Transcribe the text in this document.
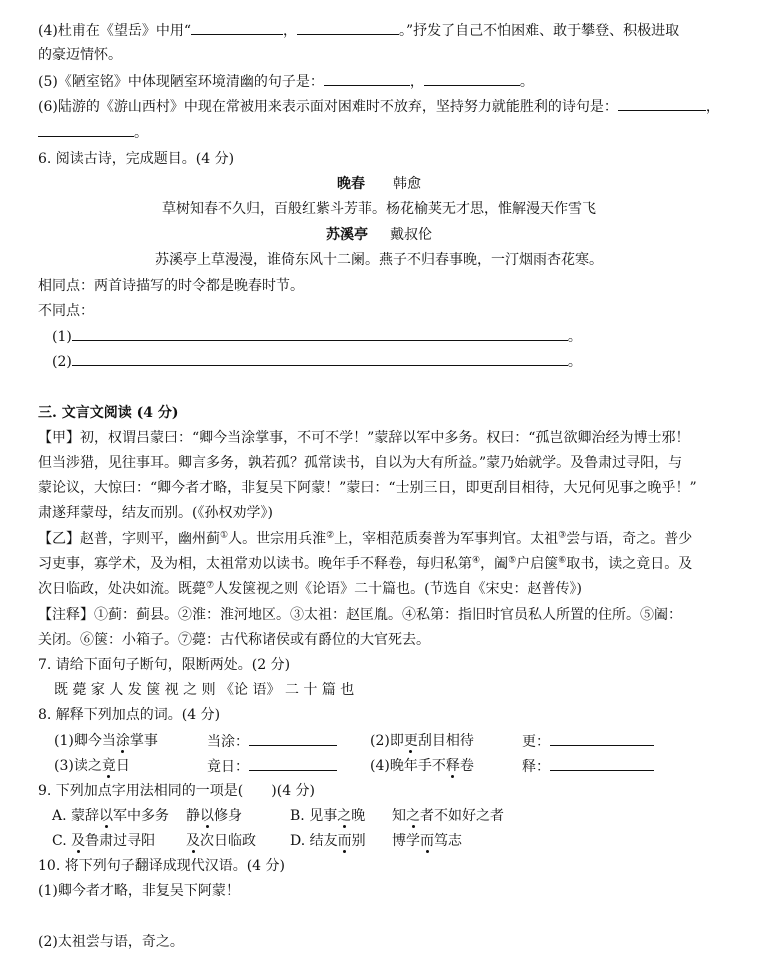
(4)杜甫在《望岳》中用“	，	。”抒发了自己不怕困难、敢于攀登、积极进取
的豪迈情怀。
(5)《陋室铭》中体现陋室环境清幽的句子是：	，	。
(6)陆游的《游山西村》中现在常被用来表示面对困难时不放弃，坚持努力就能胜利的诗句是：	，
。
6. 阅读古诗，完成题目。(4 分)
晚春 韩愈
草树知春不久归，百般红紫斗芳菲。杨花榆荚无才思，惟解漫天作雪飞
苏溪亭 戴叔伦
苏溪亭上草漫漫，谁倚东风十二阑。燕子不归春事晚，一汀烟雨杏花寒。
相同点：两首诗描写的时令都是晚春时节。
不同点：
(1)	。
(2)	。
三. 文言文阅读 (4 分)
【甲】初，权谓吕蒙曰：“卿今当涂掌事，不可不学！”蒙辞以军中多务。权曰：“孤岂欲卿治经为博士邪！
但当涉猎，见往事耳。卿言多务，孰若孤？孤常读书，自以为大有所益。”蒙乃始就学。及鲁肃过寻阳，与
蒙论议，大惊曰：“卿今者才略，非复吴下阿蒙！”蒙曰：“士别三日，即更刮目相待，大兄何见事之晚乎！”
肃遂拜蒙母，结友而别。(《孙权劝学》)
【乙】赵普，字则平，幽州蓟①人。世宗用兵淮②上，宰相范质奏普为军事判官。太祖③尝与语，奇之。普少
习吏事，寡学术，及为相，太祖常劝以读书。晚年手不释卷，每归私第④，阖⑤户启箧⑥取书，读之竟日。及
次日临政，处决如流。既薨⑦人发箧视之则《论语》二十篇也。(节选自《宋史：赵普传》)
【注释】①蓟：蓟县。②淮：淮河地区。③太祖：赵匡胤。④私第：指旧时官员私人所置的住所。⑤阖：
关闭。⑥箧：小箱子。⑦薨：古代称诸侯或有爵位的大官死去。
7. 请给下面句子断句，限断两处。(2 分)
既 薨 家 人 发 箧 视 之 则 《论 语》 二 十 篇 也
8. 解释下列加点的词。(4 分)
(1)卿今当涂掌事	当涂：	(2)即更刮目相待	更：
(3)读之竟日	竟日：	(4)晚年手不释卷	释：
9. 下列加点字用法相同的一项是(　　)(4 分)
A. 蒙辞以军中多务 静以修身	B. 见事之晚 知之者不如好之者
C. 及鲁肃过寻阳 及次日临政 D. 结友而别 博学而笃志
10. 将下列句子翻译成现代汉语。(4 分)
(1)卿今者才略，非复吴下阿蒙！
(2)太祖尝与语，奇之。
